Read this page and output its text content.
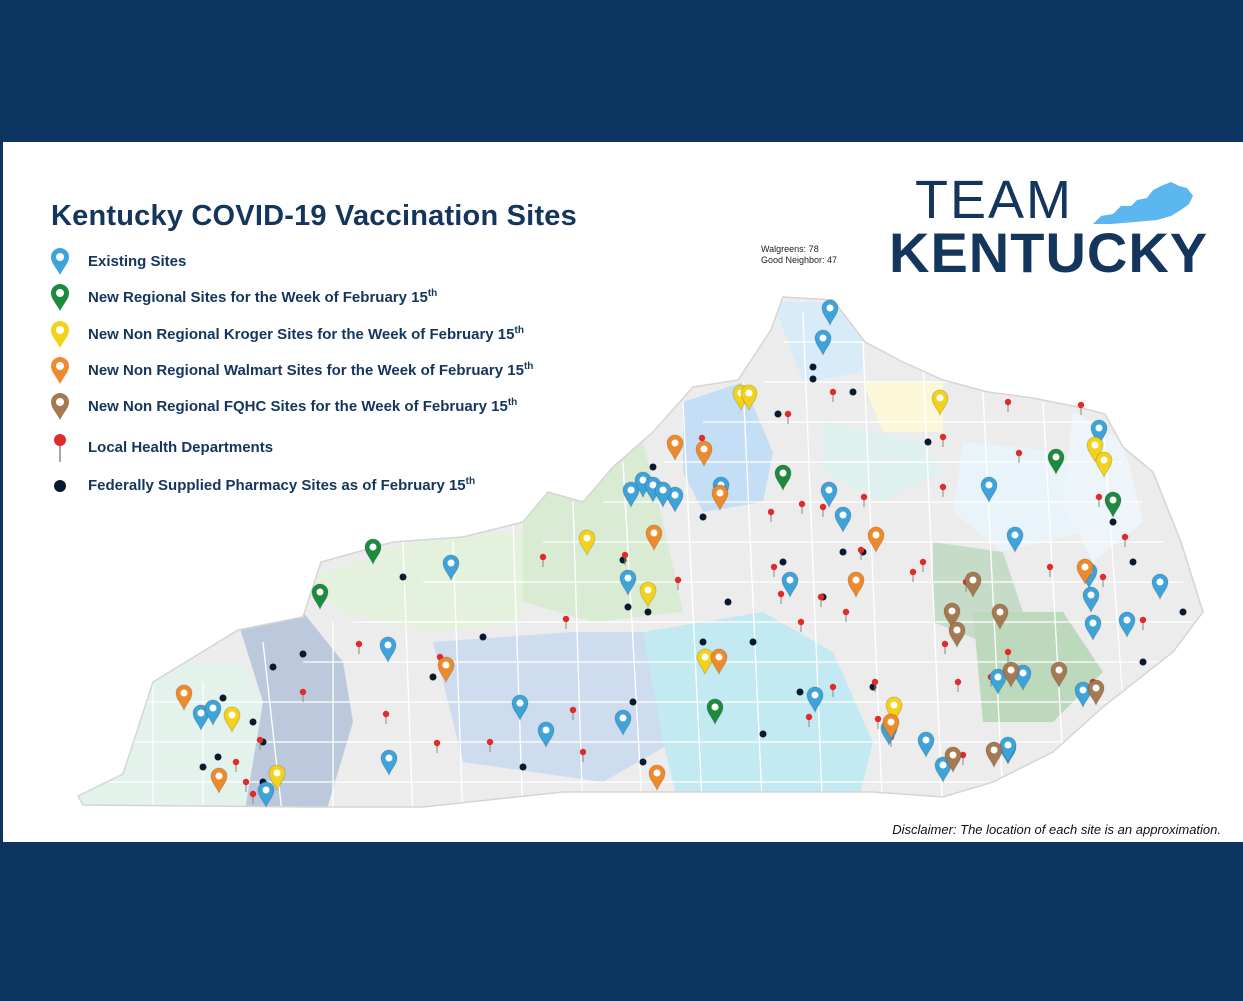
Kentucky COVID-19 Vaccination Sites
Existing Sites
New Regional Sites for the Week of February 15th
New Non Regional Kroger Sites for the Week of February 15th
New Non Regional Walmart Sites for the Week of February 15th
New Non Regional FQHC Sites for the Week of February 15th
Local Health Departments
Federally Supplied Pharmacy Sites as of February 15th
Walgreens: 78
Good Neighbor: 47
TEAM
KENTUCKY
Disclaimer: The location of each site is an approximation.
